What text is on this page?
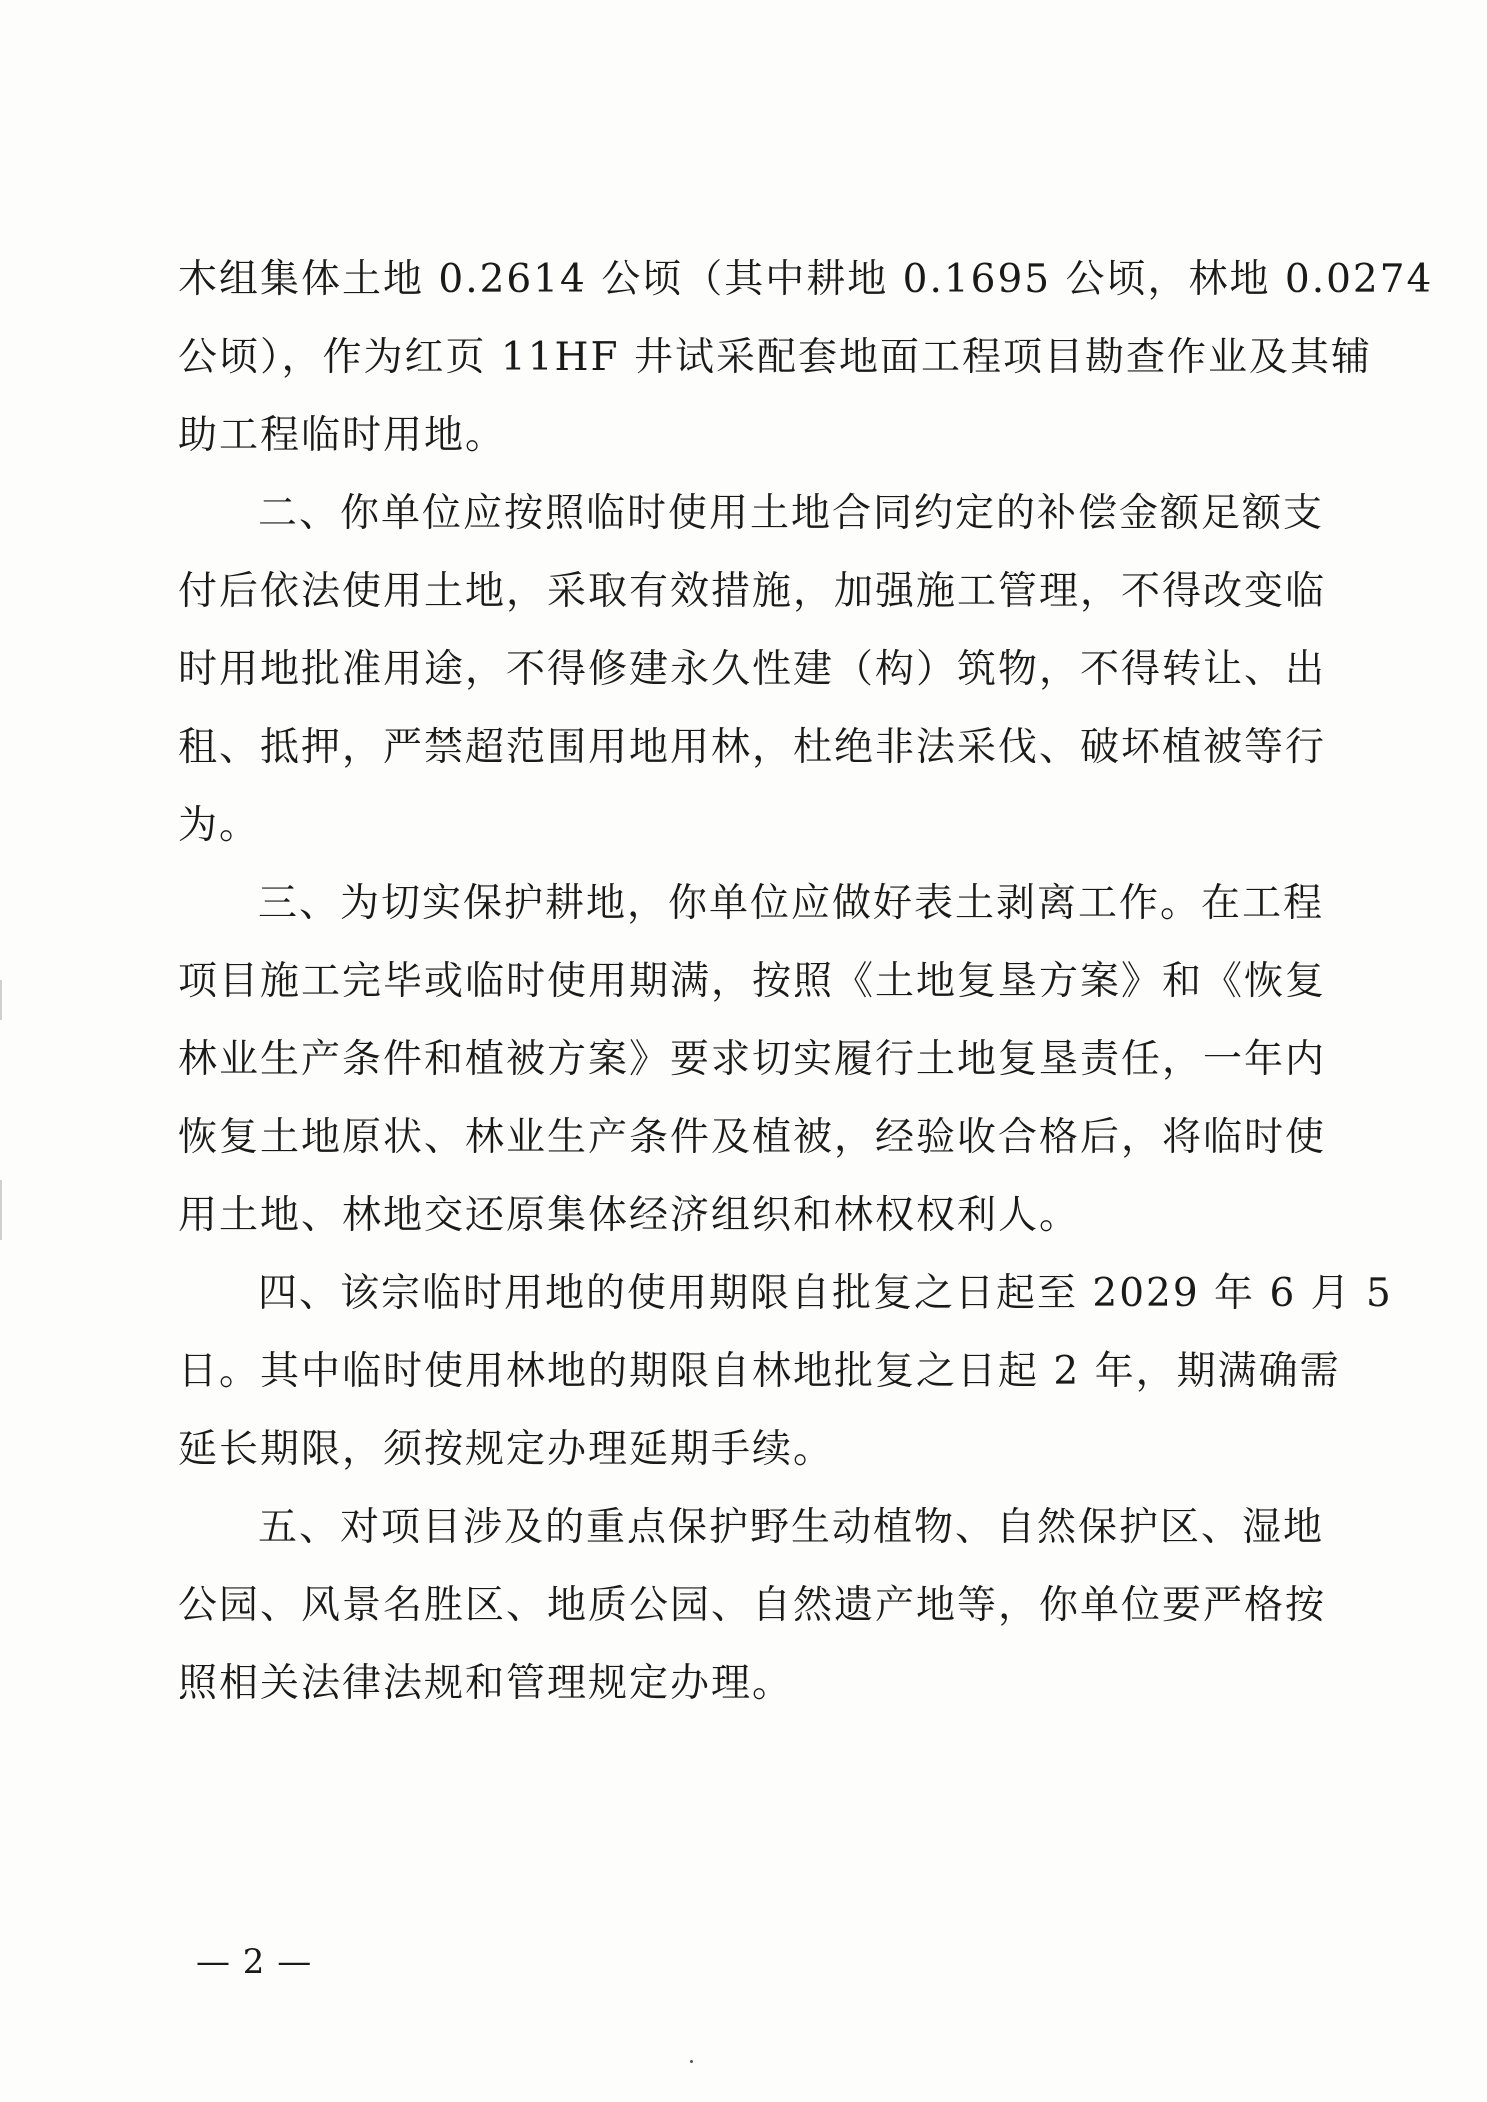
木组集体土地 0.2614 公顷（其中耕地 0.1695 公顷，林地 0.0274
公顷），作为红页 11HF 井试采配套地面工程项目勘查作业及其辅
助工程临时用地。
二、你单位应按照临时使用土地合同约定的补偿金额足额支
付后依法使用土地，采取有效措施，加强施工管理，不得改变临
时用地批准用途，不得修建永久性建（构）筑物，不得转让、出
租、抵押，严禁超范围用地用林，杜绝非法采伐、破坏植被等行
为。
三、为切实保护耕地，你单位应做好表土剥离工作。在工程
项目施工完毕或临时使用期满，按照《土地复垦方案》和《恢复
林业生产条件和植被方案》要求切实履行土地复垦责任，一年内
恢复土地原状、林业生产条件及植被，经验收合格后，将临时使
用土地、林地交还原集体经济组织和林权权利人。
四、该宗临时用地的使用期限自批复之日起至 2029 年 6 月 5
日。其中临时使用林地的期限自林地批复之日起 2 年，期满确需
延长期限，须按规定办理延期手续。
五、对项目涉及的重点保护野生动植物、自然保护区、湿地
公园、风景名胜区、地质公园、自然遗产地等，你单位要严格按
照相关法律法规和管理规定办理。
— 2 —
